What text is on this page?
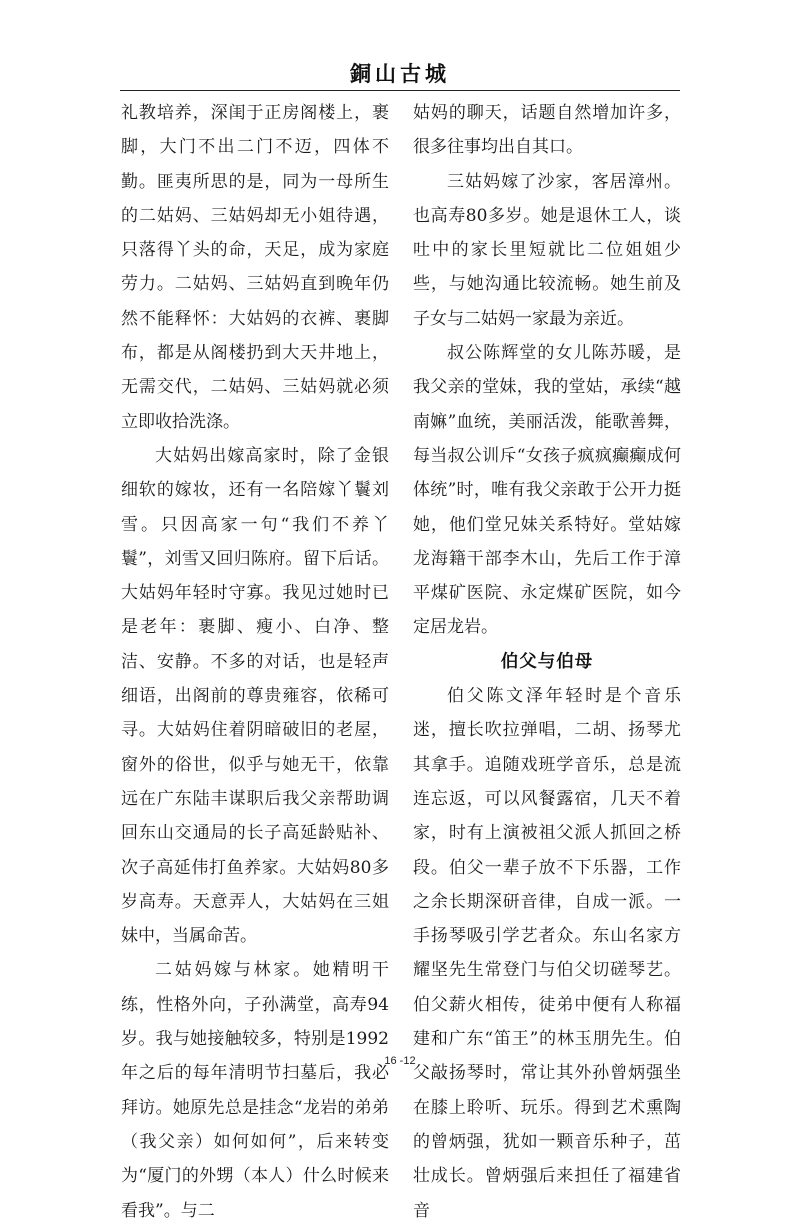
銅山古城

礼教培养，深闺于正房阁楼上，裹脚，大门不出二门不迈，四体不勤。匪夷所思的是，同为一母所生的二姑妈、三姑妈却无小姐待遇，只落得丫头的命，天足，成为家庭劳力。二姑妈、三姑妈直到晚年仍然不能释怀：大姑妈的衣裤、裹脚布，都是从阁楼扔到大天井地上，无需交代，二姑妈、三姑妈就必须立即收拾洗涤。

大姑妈出嫁高家时，除了金银细软的嫁妆，还有一名陪嫁丫鬟刘雪。只因高家一句“我们不养丫鬟”，刘雪又回归陈府。留下后话。大姑妈年轻时守寡。我见过她时已是老年：裹脚、瘦小、白净、整洁、安静。不多的对话，也是轻声细语，出阁前的尊贵雍容，依稀可寻。大姑妈住着阴暗破旧的老屋，窗外的俗世，似乎与她无干，依靠远在广东陆丰谋职后我父亲帮助调回东山交通局的长子高延龄贴补、次子高延伟打鱼养家。大姑妈80多岁高寿。天意弄人，大姑妈在三姐妹中，当属命苦。

二姑妈嫁与林家。她精明干练，性格外向，子孙满堂，高寿94岁。我与她接触较多，特别是1992年之后的每年清明节扫墓后，我必拜访。她原先总是挂念“龙岩的弟弟（我父亲）如何如何”，后来转变为“厦门的外甥（本人）什么时候来看我”。与二

姑妈的聊天，话题自然增加许多，很多往事均出自其口。

三姑妈嫁了沙家，客居漳州。也高寿80多岁。她是退休工人，谈吐中的家长里短就比二位姐姐少些，与她沟通比较流畅。她生前及子女与二姑妈一家最为亲近。

叔公陈辉堂的女儿陈苏暖，是我父亲的堂妹，我的堂姑，承续“越南嫲”血统，美丽活泼，能歌善舞，每当叔公训斥“女孩子疯疯癫癫成何体统”时，唯有我父亲敢于公开力挺她，他们堂兄妹关系特好。堂姑嫁龙海籍干部李木山，先后工作于漳平煤矿医院、永定煤矿医院，如今定居龙岩。

伯父与伯母

伯父陈文泽年轻时是个音乐迷，擅长吹拉弹唱，二胡、扬琴尤其拿手。追随戏班学音乐，总是流连忘返，可以风餐露宿，几天不着家，时有上演被祖父派人抓回之桥段。伯父一辈子放不下乐器，工作之余长期深研音律，自成一派。一手扬琴吸引学艺者众。东山名家方耀坚先生常登门与伯父切磋琴艺。伯父薪火相传，徒弟中便有人称福建和广东“笛王”的林玉朋先生。伯父敲扬琴时，常让其外孙曾炳强坐在膝上聆听、玩乐。得到艺术熏陶的曾炳强，犹如一颗音乐种子，茁壮成长。曾炳强后来担任了福建省音

16 -12
